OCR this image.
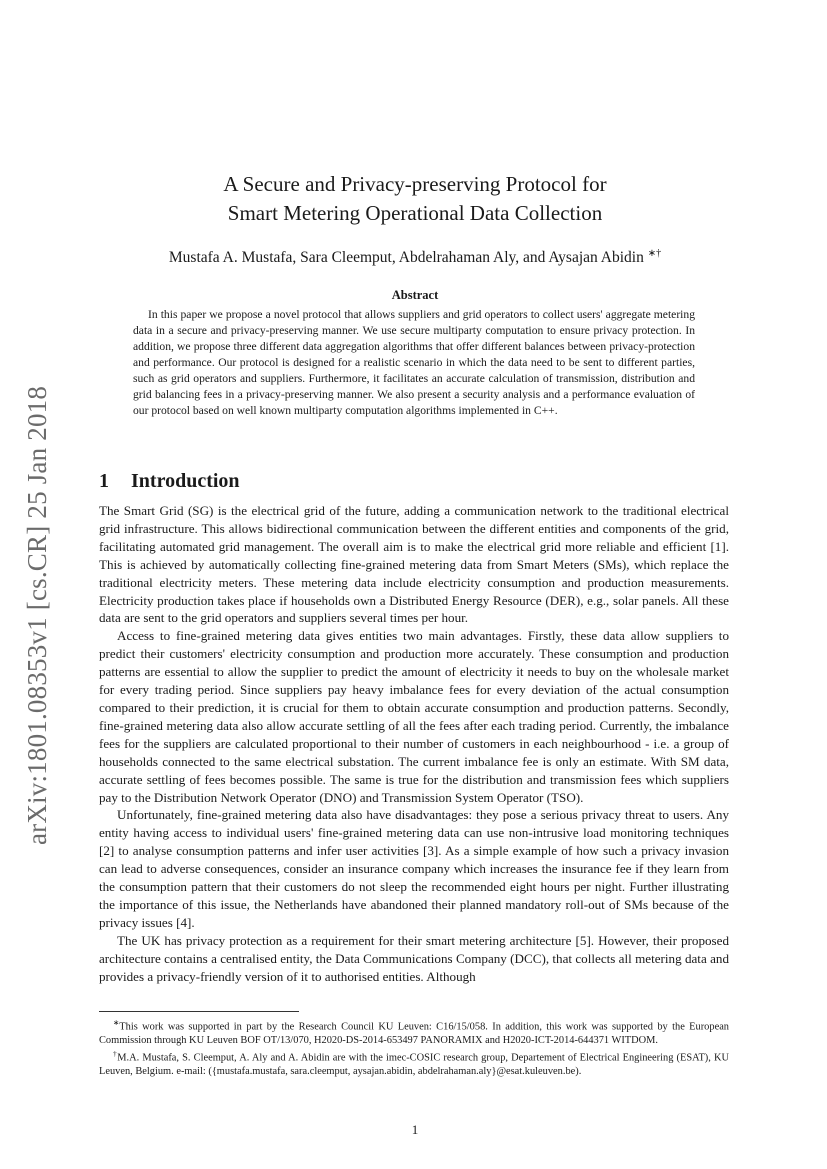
arXiv:1801.08353v1 [cs.CR] 25 Jan 2018
A Secure and Privacy-preserving Protocol for
Smart Metering Operational Data Collection
Mustafa A. Mustafa, Sara Cleemput, Abdelrahaman Aly, and Aysajan Abidin ∗†
Abstract

In this paper we propose a novel protocol that allows suppliers and grid operators to collect users' aggregate metering data in a secure and privacy-preserving manner. We use secure multiparty computation to ensure privacy protection. In addition, we propose three different data aggregation algorithms that offer different balances between privacy-protection and performance. Our protocol is designed for a realistic scenario in which the data need to be sent to different parties, such as grid operators and suppliers. Furthermore, it facilitates an accurate calculation of transmission, distribution and grid balancing fees in a privacy-preserving manner. We also present a security analysis and a performance evaluation of our protocol based on well known multiparty computation algorithms implemented in C++.

1 Introduction

The Smart Grid (SG) is the electrical grid of the future, adding a communication network to the traditional electrical grid infrastructure. This allows bidirectional communication between the different entities and components of the grid, facilitating automated grid management. The overall aim is to make the electrical grid more reliable and efficient [1]. This is achieved by automatically collecting fine-grained metering data from Smart Meters (SMs), which replace the traditional electricity meters. These metering data include electricity consumption and production measurements. Electricity production takes place if households own a Distributed Energy Resource (DER), e.g., solar panels. All these data are sent to the grid operators and suppliers several times per hour.

Access to fine-grained metering data gives entities two main advantages. Firstly, these data allow suppliers to predict their customers' electricity consumption and production more accurately. These consumption and production patterns are essential to allow the supplier to predict the amount of electricity it needs to buy on the wholesale market for every trading period. Since suppliers pay heavy imbalance fees for every deviation of the actual consumption compared to their prediction, it is crucial for them to obtain accurate consumption and production patterns. Secondly, fine-grained metering data also allow accurate settling of all the fees after each trading period. Currently, the imbalance fees for the suppliers are calculated proportional to their number of customers in each neighbourhood - i.e. a group of households connected to the same electrical substation. The current imbalance fee is only an estimate. With SM data, accurate settling of fees becomes possible. The same is true for the distribution and transmission fees which suppliers pay to the Distribution Network Operator (DNO) and Transmission System Operator (TSO).

Unfortunately, fine-grained metering data also have disadvantages: they pose a serious privacy threat to users. Any entity having access to individual users' fine-grained metering data can use non-intrusive load monitoring techniques [2] to analyse consumption patterns and infer user activities [3]. As a simple example of how such a privacy invasion can lead to adverse consequences, consider an insurance company which increases the insurance fee if they learn from the consumption pattern that their customers do not sleep the recommended eight hours per night. Further illustrating the importance of this issue, the Netherlands have abandoned their planned mandatory roll-out of SMs because of the privacy issues [4].

The UK has privacy protection as a requirement for their smart metering architecture [5]. However, their proposed architecture contains a centralised entity, the Data Communications Company (DCC), that collects all metering data and provides a privacy-friendly version of it to authorised entities. Although

∗This work was supported in part by the Research Council KU Leuven: C16/15/058. In addition, this work was supported by the European Commission through KU Leuven BOF OT/13/070, H2020-DS-2014-653497 PANORAMIX and H2020-ICT-2014-644371 WITDOM.

†M.A. Mustafa, S. Cleemput, A. Aly and A. Abidin are with the imec-COSIC research group, Departement of Electrical Engineering (ESAT), KU Leuven, Belgium. e-mail: ({mustafa.mustafa, sara.cleemput, aysajan.abidin, abdelrahaman.aly}@esat.kuleuven.be).

1
